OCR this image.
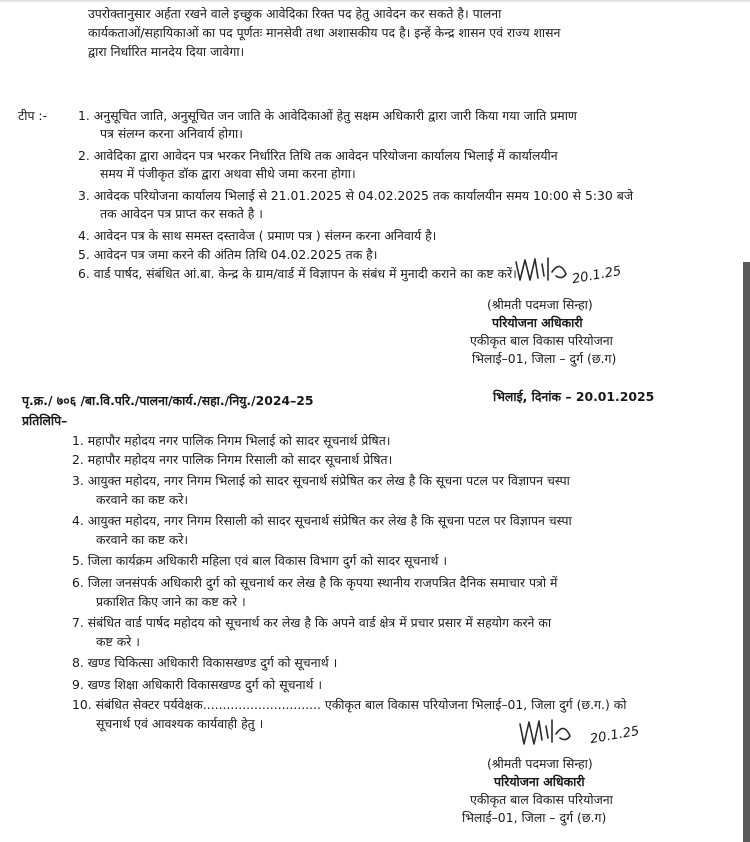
उपरोक्तानुसार अर्हता रखने वाले इच्छुक आवेदिका रिक्त पद हेतु आवेदन कर सकते है। पालना
कार्यकताओं/सहायिकाओं का पद पूर्णतः मानसेवी तथा अशासकीय पद है। इन्हें केन्द्र शासन एवं राज्य शासन
द्वारा निर्धारित मानदेय दिया जावेगा।
टीप :- 1. अनुसूचित जाति, अनुसूचित जन जाति के आवेदिकाओं हेतु सक्षम अधिकारी द्वारा जारी किया गया जाति प्रमाण
पत्र संलग्न करना अनिवार्य होगा।
2. आवेदिका द्वारा आवेदन पत्र भरकर निर्धारित तिथि तक आवेदन परियोजना कार्यालय भिलाई में कार्यालयीन
समय में पंजीकृत डॉक द्वारा अथवा सीधे जमा करना होगा।
3. आवेदक परियोजना कार्यालय भिलाई से 21.01.2025 से 04.02.2025 तक कार्यालयीन समय 10:00 से 5:30 बजे
तक आवेदन पत्र प्राप्त कर सकते है ।
4. आवेदन पत्र के साथ समस्त दस्तावेज ( प्रमाण पत्र ) संलग्न करना अनिवार्य है।
5. आवेदन पत्र जमा करने की अंतिम तिथि 04.02.2025 तक है।
6. वार्ड पार्षद, संबंधित आं.बा. केन्द्र के ग्राम/वार्ड में विज्ञापन के संबंध में मुनादी कराने का कष्ट करें।	20.1.25
(श्रीमती पदमजा सिन्हा)
परियोजना अधिकारी
एकीकृत बाल विकास परियोजना
भिलाई–01, जिला – दुर्ग (छ.ग)
पृ.क्र./ ७०६ /बा.वि.परि./पालना/कार्य./सहा./नियु./2024–25	भिलाई, दिनांक – 20.01.2025
प्रतिलिपि–
1. महापौर महोदय नगर पालिक निगम भिलाई को सादर सूचनार्थ प्रेषित।
2. महापौर महोदय नगर पालिक निगम रिसाली को सादर सूचनार्थ प्रेषित।
3. आयुक्त महोदय, नगर निगम भिलाई को सादर सूचनार्थ संप्रेषित कर लेख है कि सूचना पटल पर विज्ञापन चस्पा
करवाने का कष्ट करे।
4. आयुक्त महोदय, नगर निगम रिसाली को सादर सूचनार्थ संप्रेषित कर लेख है कि सूचना पटल पर विज्ञापन चस्पा
करवाने का कष्ट करे।
5. जिला कार्यक्रम अधिकारी महिला एवं बाल विकास विभाग दुर्ग को सादर सूचनार्थ ।
6. जिला जनसंपर्क अधिकारी दुर्ग को सूचनार्थ कर लेख है कि कृपया स्थानीय राजपत्रित दैनिक समाचार पत्रो में
प्रकाशित किए जाने का कष्ट करे ।
7. संबंधित वार्ड पार्षद महोदय को सूचनार्थ कर लेख है कि अपने वार्ड क्षेत्र में प्रचार प्रसार में सहयोग करने का
कष्ट करे ।
8. खण्ड चिकित्सा अधिकारी विकासखण्ड दुर्ग को सूचनार्थ ।
9. खण्ड शिक्षा अधिकारी विकासखण्ड दुर्ग को सूचनार्थ ।
10. संबंधित सेक्टर पर्यवेक्षक.............................. एकीकृत बाल विकास परियोजना भिलाई–01, जिला दुर्ग (छ.ग.) को
सूचनार्थ एवं आवश्यक कार्यवाही हेतु ।
20.1.25
(श्रीमती पदमजा सिन्हा)
परियोजना अधिकारी
एकीकृत बाल विकास परियोजना
भिलाई–01, जिला – दुर्ग (छ.ग)
